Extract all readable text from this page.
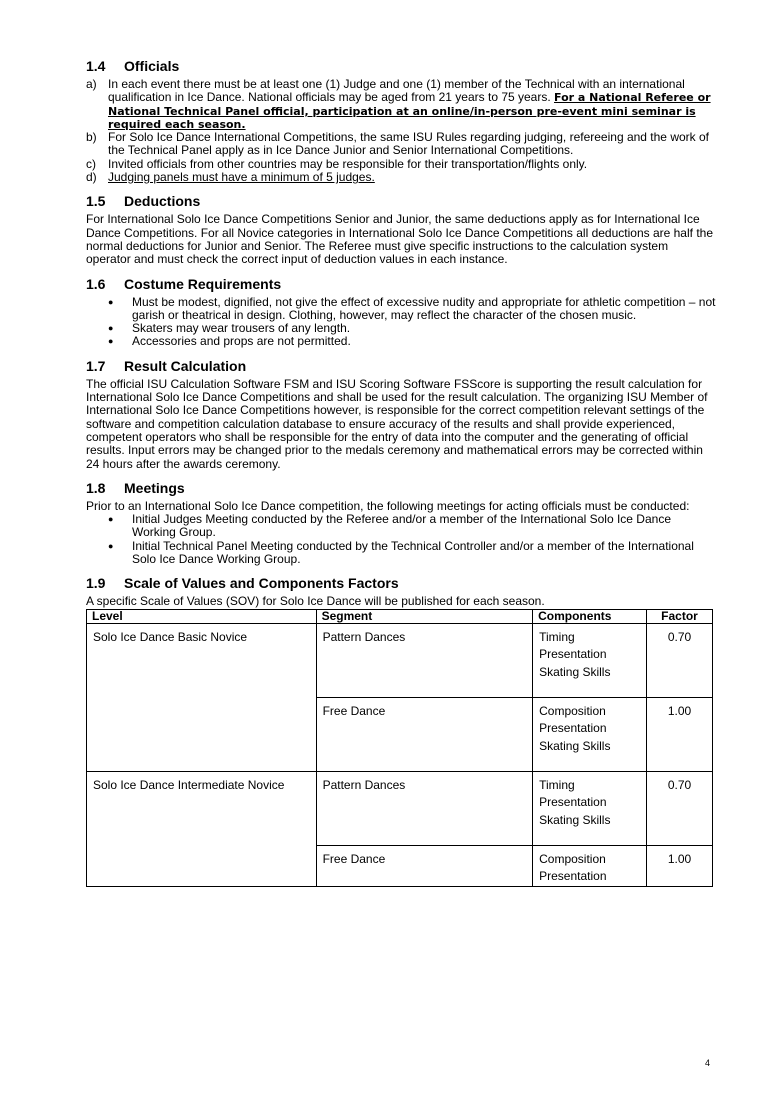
1.4 Officials
a) In each event there must be at least one (1) Judge and one (1) member of the Technical with an international qualification in Ice Dance. National officials may be aged from 21 years to 75 years. For a National Referee or National Technical Panel official, participation at an online/in-person pre-event mini seminar is required each season.
b) For Solo Ice Dance International Competitions, the same ISU Rules regarding judging, refereeing and the work of the Technical Panel apply as in Ice Dance Junior and Senior International Competitions.
c)	Invited officials from other countries may be responsible for their transportation/flights only.
d) Judging panels must have a minimum of 5 judges.
1.5 Deductions

For International Solo Ice Dance Competitions Senior and Junior, the same deductions apply as for International Ice Dance Competitions. For all Novice categories in International Solo Ice Dance Competitions all deductions are half the normal deductions for Junior and Senior. The Referee must give specific instructions to the calculation system operator and must check the correct input of deduction values in each instance.

1.6 Costume Requirements
●	Must be modest, dignified, not give the effect of excessive nudity and appropriate for athletic competition – not garish or theatrical in design. Clothing, however, may reflect the character of the chosen music.
●	Skaters may wear trousers of any length.
●	Accessories and props are not permitted.
1.7 Result Calculation

The official ISU Calculation Software FSM and ISU Scoring Software FSScore is supporting the result calculation for International Solo Ice Dance Competitions and shall be used for the result calculation. The organizing ISU Member of International Solo Ice Dance Competitions however, is responsible for the correct competition relevant settings of the software and competition calculation database to ensure accuracy of the results and shall provide experienced, competent operators who shall be responsible for the entry of data into the computer and the generating of official results. Input errors may be changed prior to the medals ceremony and mathematical errors may be corrected within 24 hours after the awards ceremony.

1.8 Meetings

Prior to an International Solo Ice Dance competition, the following meetings for acting officials must be conducted:

●	Initial Judges Meeting conducted by the Referee and/or a member of the International Solo Ice Dance Working Group.
●	Initial Technical Panel Meeting conducted by the Technical Controller and/or a member of the International Solo Ice Dance Working Group.
1.9 Scale of Values and Components Factors

A specific Scale of Values (SOV) for Solo Ice Dance will be published for each season.

Level	Segment	Components	Factor
Solo Ice Dance Basic Novice	Pattern Dances	Timing
Presentation
Skating Skills	0.70
	Free Dance	Composition
Presentation
Skating Skills	1.00
Solo Ice Dance Intermediate Novice	Pattern Dances	Timing
Presentation
Skating Skills	0.70
	Free Dance	Composition
Presentation	1.00
4
